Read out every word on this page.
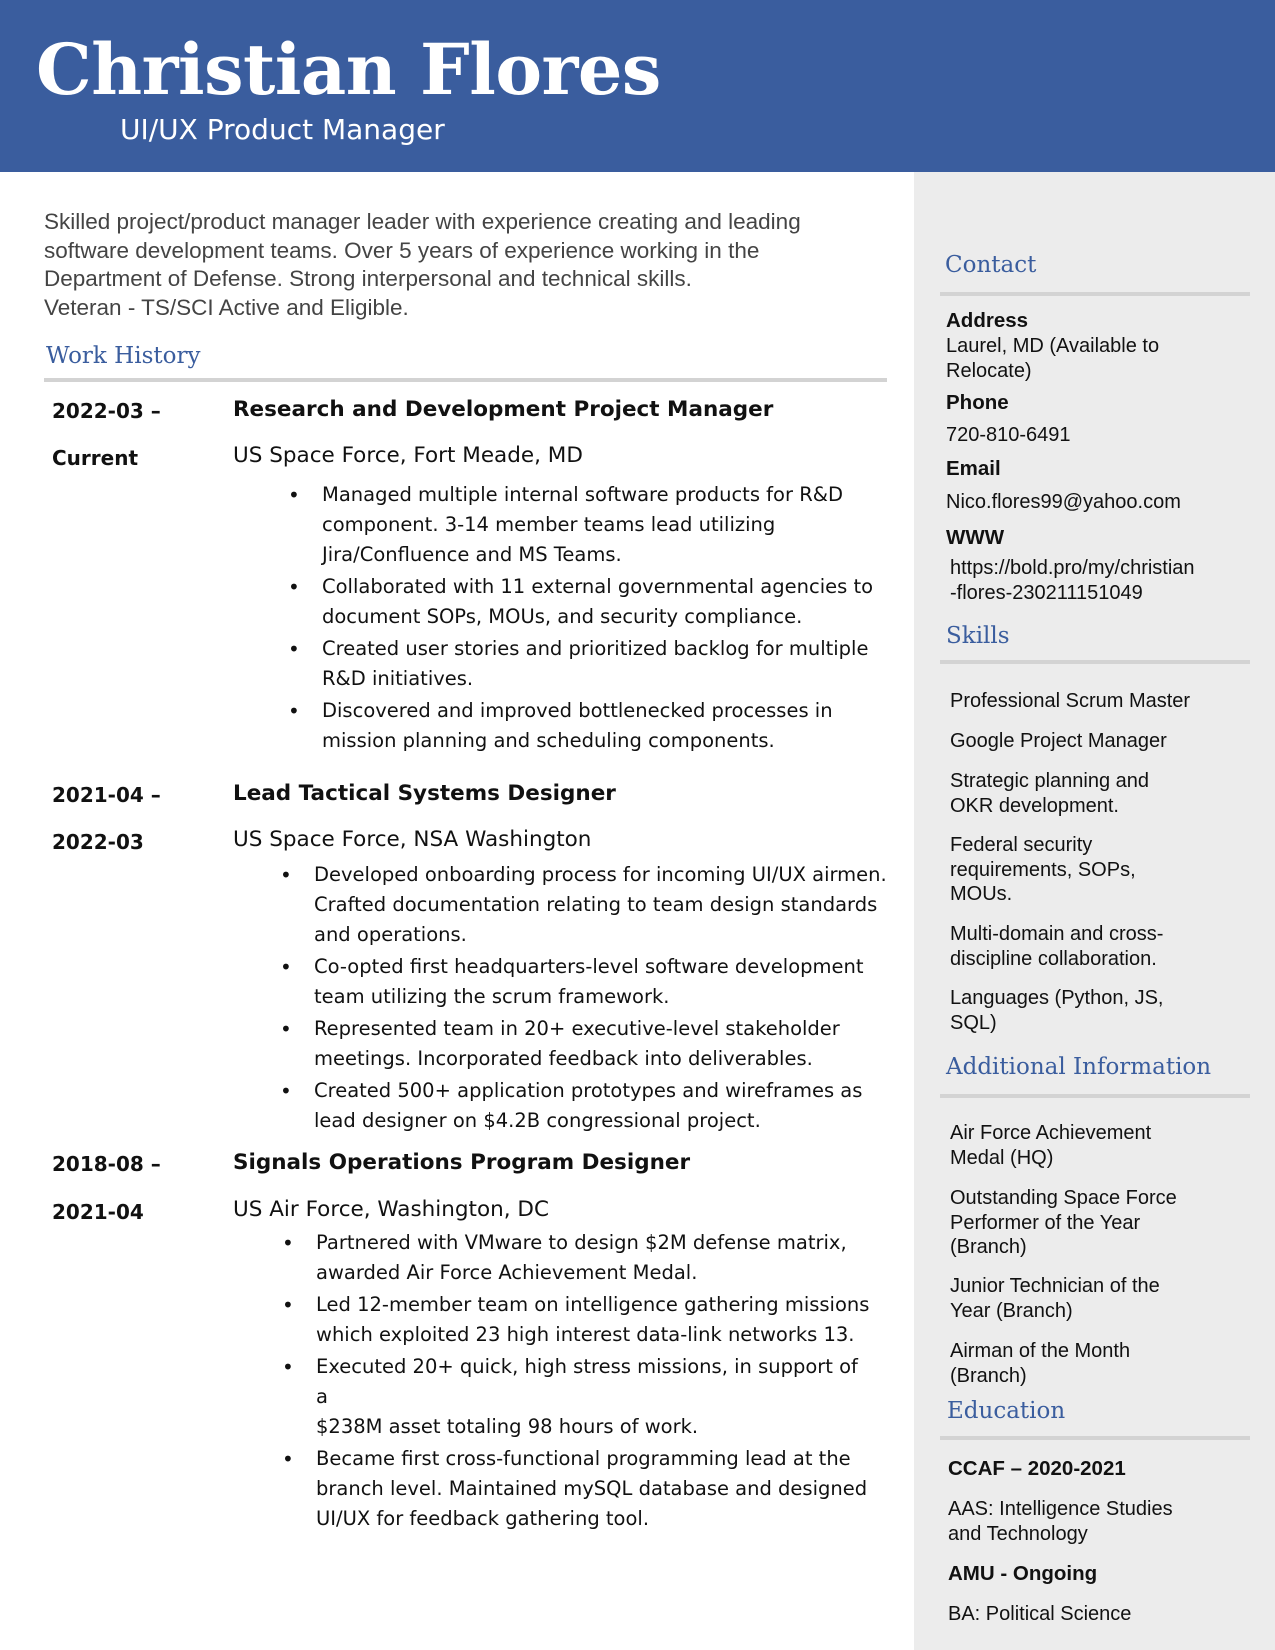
Christian Flores
UI/UX Product Manager
Skilled project/product manager leader with experience creating and leading
software development teams. Over 5 years of experience working in the
Department of Defense. Strong interpersonal and technical skills.
Veteran - TS/SCI Active and Eligible.
Work History
2022-03 –
Current
Research and Development Project Manager
US Space Force, Fort Meade, MD
• Managed multiple internal software products for R&D
component. 3-14 member teams lead utilizing
Jira/Confluence and MS Teams.
• Collaborated with 11 external governmental agencies to
document SOPs, MOUs, and security compliance.
• Created user stories and prioritized backlog for multiple
R&D initiatives.
• Discovered and improved bottlenecked processes in
mission planning and scheduling components.
2021-04 –
2022-03
Lead Tactical Systems Designer
US Space Force, NSA Washington
• Developed onboarding process for incoming UI/UX airmen.
Crafted documentation relating to team design standards
and operations.
• Co-opted first headquarters-level software development
team utilizing the scrum framework.
• Represented team in 20+ executive-level stakeholder
meetings. Incorporated feedback into deliverables.
• Created 500+ application prototypes and wireframes as
lead designer on $4.2B congressional project.
2018-08 –
2021-04
Signals Operations Program Designer
US Air Force, Washington, DC
• Partnered with VMware to design $2M defense matrix,
awarded Air Force Achievement Medal.
• Led 12-member team on intelligence gathering missions
which exploited 23 high interest data-link networks 13.
• Executed 20+ quick, high stress missions, in support of a
$238M asset totaling 98 hours of work.
• Became first cross-functional programming lead at the
branch level. Maintained mySQL database and designed
UI/UX for feedback gathering tool.
Contact
Address
Laurel, MD (Available to
Relocate)
Phone
720-810-6491
Email
Nico.flores99@yahoo.com
WWW
https://bold.pro/my/christian
-flores-230211151049
Skills
Professional Scrum Master
Google Project Manager
Strategic planning and
OKR development.
Federal security
requirements, SOPs,
MOUs.
Multi-domain and cross-
discipline collaboration.
Languages (Python, JS,
SQL)
Additional Information
Air Force Achievement
Medal (HQ)
Outstanding Space Force
Performer of the Year
(Branch)
Junior Technician of the
Year (Branch)
Airman of the Month
(Branch)
Education
CCAF – 2020-2021
AAS: Intelligence Studies
and Technology
AMU - Ongoing
BA: Political Science
